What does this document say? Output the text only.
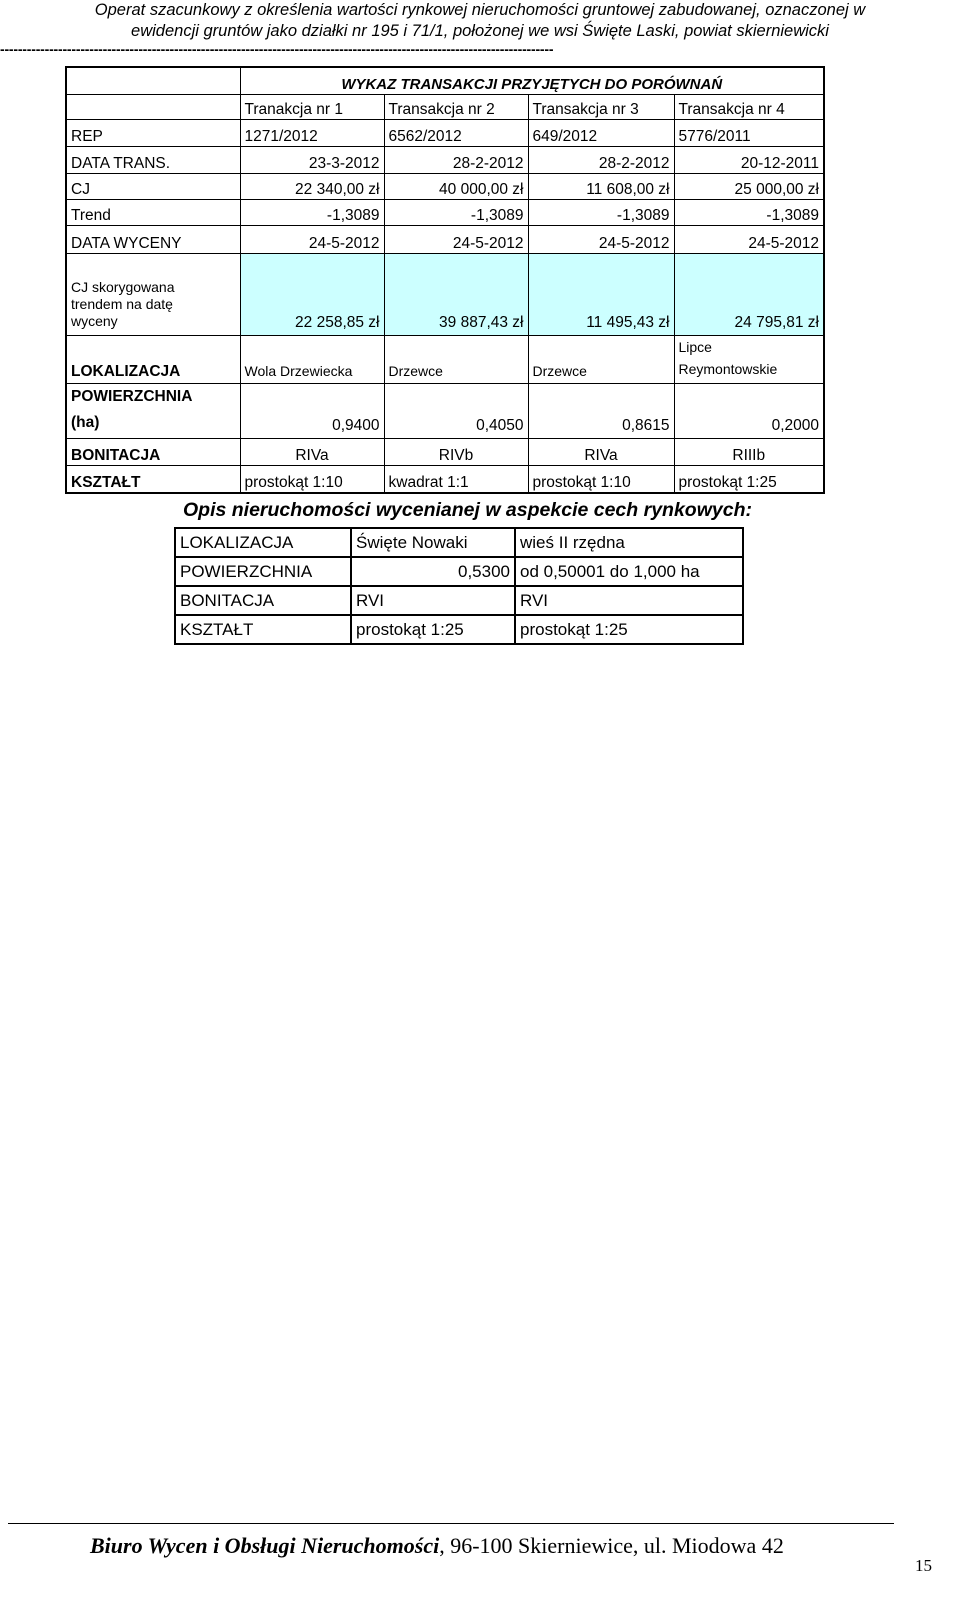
Operat szacunkowy z określenia wartości rynkowej nieruchomości gruntowej zabudowanej, oznaczonej w
ewidencji gruntów jako działki nr 195 i 71/1, położonej we wsi Święte Laski, powiat skierniewicki
----------------------------------------------------------------------------------------------------------------------------
	WYKAZ TRANSAKCJI PRZYJĘTYCH DO PORÓWNAŃ			
	Tranakcja nr 1	Transakcja nr 2	Transakcja nr 3	Transakcja nr 4
REP	1271/2012	6562/2012	649/2012	5776/2011
DATA TRANS.	23-3-2012	28-2-2012	28-2-2012	20-12-2011
CJ	22 340,00 zł	40 000,00 zł	11 608,00 zł	25 000,00 zł
Trend	-1,3089	-1,3089	-1,3089	-1,3089
DATA WYCENY	24-5-2012	24-5-2012	24-5-2012	24-5-2012

CJ skorygowana
trendem na datę
wyceny	22 258,85 zł	39 887,43 zł	11 495,43 zł	24 795,81 zł
LOKALIZACJA	Wola Drzewiecka	Drzewce	Drzewce	Lipce
Reymontowskie

POWIERZCHNIA
(ha)	0,9400	0,4050	0,8615	0,2000
BONITACJA	RIVa	RIVb	RIVa	RIIIb
KSZTAŁT	prostokąt 1:10	kwadrat 1:1	prostokąt 1:10	prostokąt 1:25
Opis nieruchomości wycenianej w aspekcie cech rynkowych:
LOKALIZACJA	Święte Nowaki	wieś II rzędna
POWIERZCHNIA	0,5300	od 0,50001 do 1,000 ha
BONITACJA	RVI	RVI
KSZTAŁT	prostokąt 1:25	prostokąt 1:25
Biuro Wycen i Obsługi Nieruchomości, 96-100 Skierniewice, ul. Miodowa 42
15
